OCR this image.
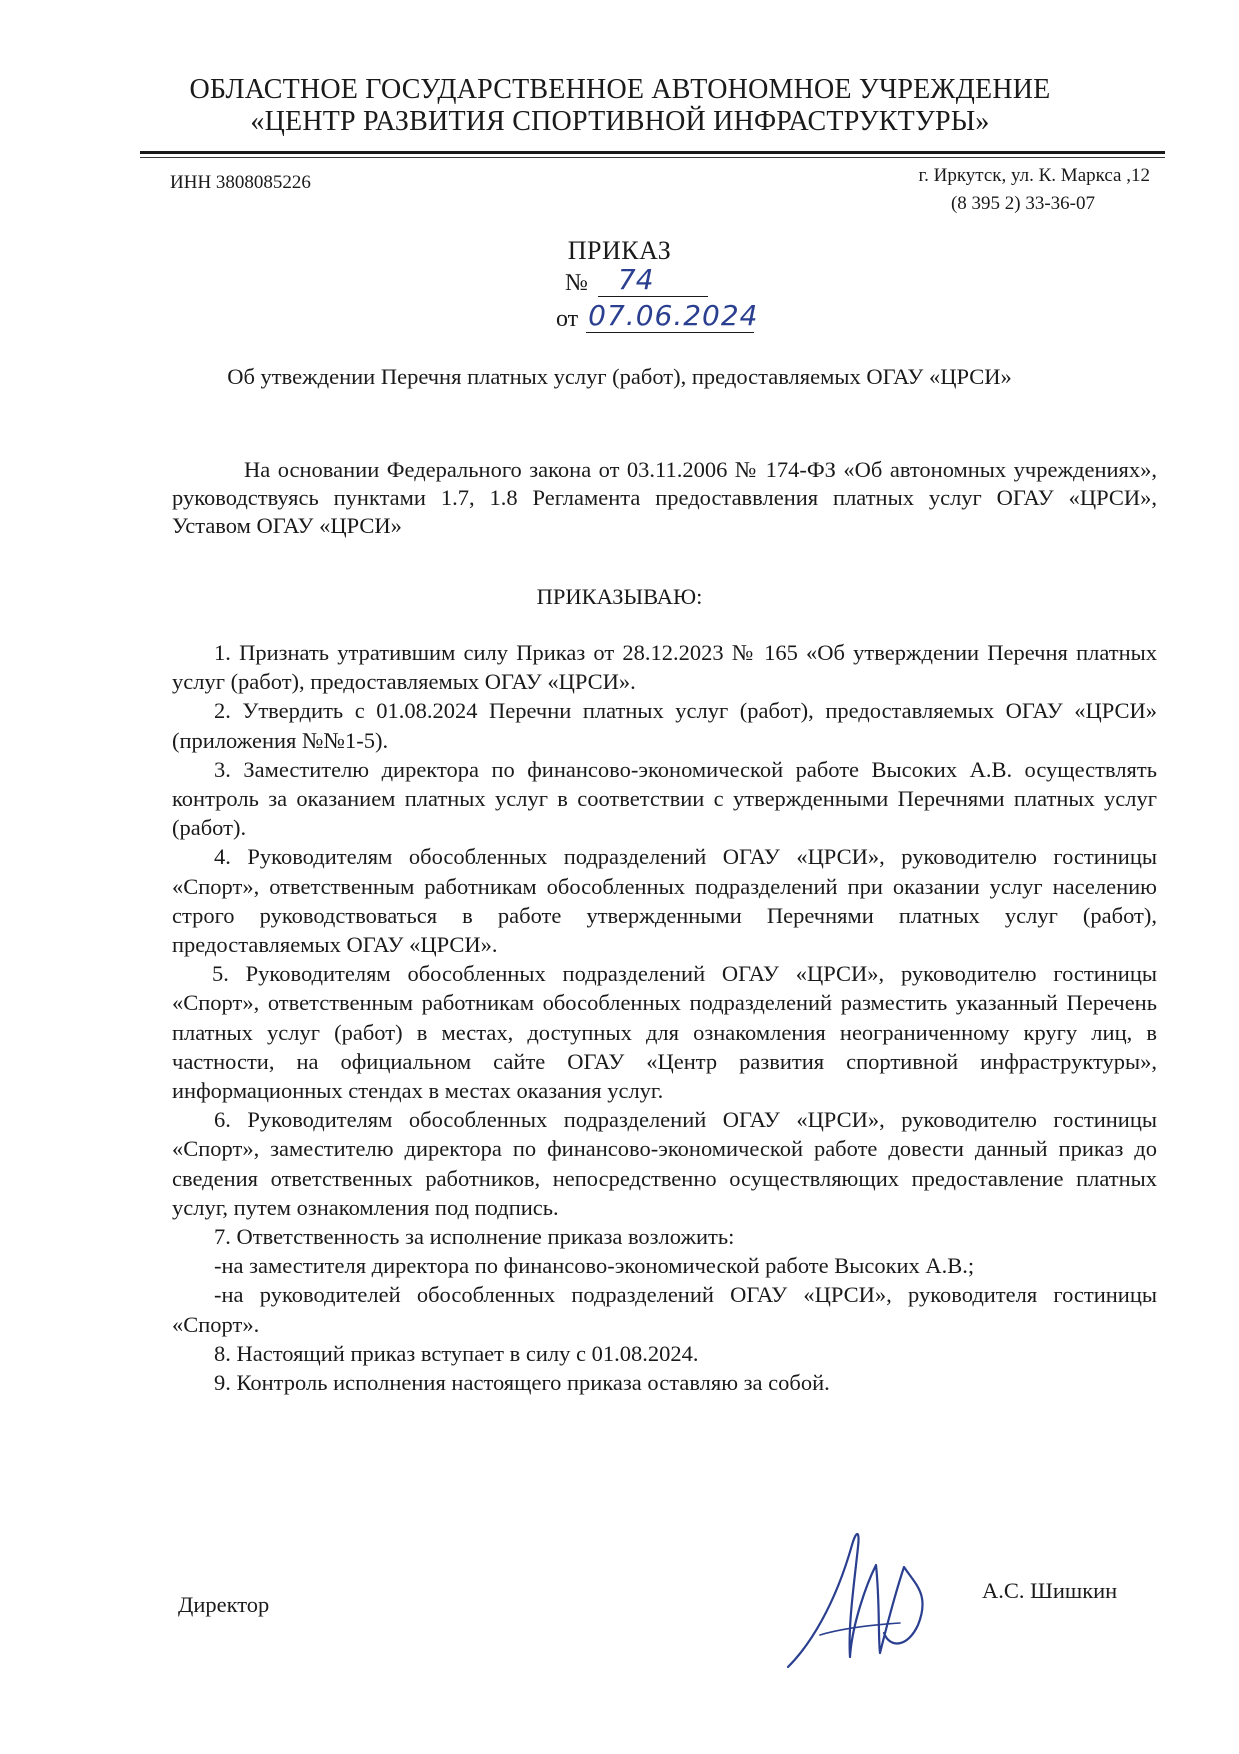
ОБЛАСТНОЕ ГОСУДАРСТВЕННОЕ АВТОНОМНОЕ УЧРЕЖДЕНИЕ
«ЦЕНТР РАЗВИТИЯ СПОРТИВНОЙ ИНФРАСТРУКТУРЫ»
ИНН 3808085226	г. Иркутск, ул. К. Маркса ,12
(8 395 2) 33-36-07
ПРИКАЗ
№ 74
от 07.06.2024
Об утвеждении Перечня платных услуг (работ), предоставляемых ОГАУ «ЦРСИ»

На основании Федерального закона от 03.11.2006 № 174-ФЗ «Об автономных учреждениях», руководствуясь пунктами 1.7, 1.8 Регламента предоставвления платных услуг ОГАУ «ЦРСИ», Уставом ОГАУ «ЦРСИ»

ПРИКАЗЫВАЮ:

1. Признать утратившим силу Приказ от 28.12.2023 № 165 «Об утверждении Перечня платных услуг (работ), предоставляемых ОГАУ «ЦРСИ».

2. Утвердить с 01.08.2024 Перечни платных услуг (работ), предоставляемых ОГАУ «ЦРСИ» (приложения №№1-5).

3. Заместителю директора по финансово-экономической работе Высоких А.В. осуществлять контроль за оказанием платных услуг в соответствии с утвержденными Перечнями платных услуг (работ).

4. Руководителям обособленных подразделений ОГАУ «ЦРСИ», руководителю гостиницы «Спорт», ответственным работникам обособленных подразделений при оказании услуг населению строго руководствоваться в работе утвержденными Перечнями платных услуг (работ), предоставляемых ОГАУ «ЦРСИ».

5. Руководителям обособленных подразделений ОГАУ «ЦРСИ», руководителю гостиницы «Спорт», ответственным работникам обособленных подразделений разместить указанный Перечень платных услуг (работ) в местах, доступных для ознакомления неограниченному кругу лиц, в частности, на официальном сайте ОГАУ «Центр развития спортивной инфраструктуры», информационных стендах в местах оказания услуг.

6. Руководителям обособленных подразделений ОГАУ «ЦРСИ», руководителю гостиницы «Спорт», заместителю директора по финансово-экономической работе довести данный приказ до сведения ответственных работников, непосредственно осуществляющих предоставление платных услуг, путем ознакомления под подпись.

7. Ответственность за исполнение приказа возложить:

-на заместителя директора по финансово-экономической работе Высоких А.В.;

-на руководителей обособленных подразделений ОГАУ «ЦРСИ», руководителя гостиницы «Спорт».

8. Настоящий приказ вступает в силу с 01.08.2024.

9. Контроль исполнения настоящего приказа оставляю за собой.

Директор
А.С. Шишкин
